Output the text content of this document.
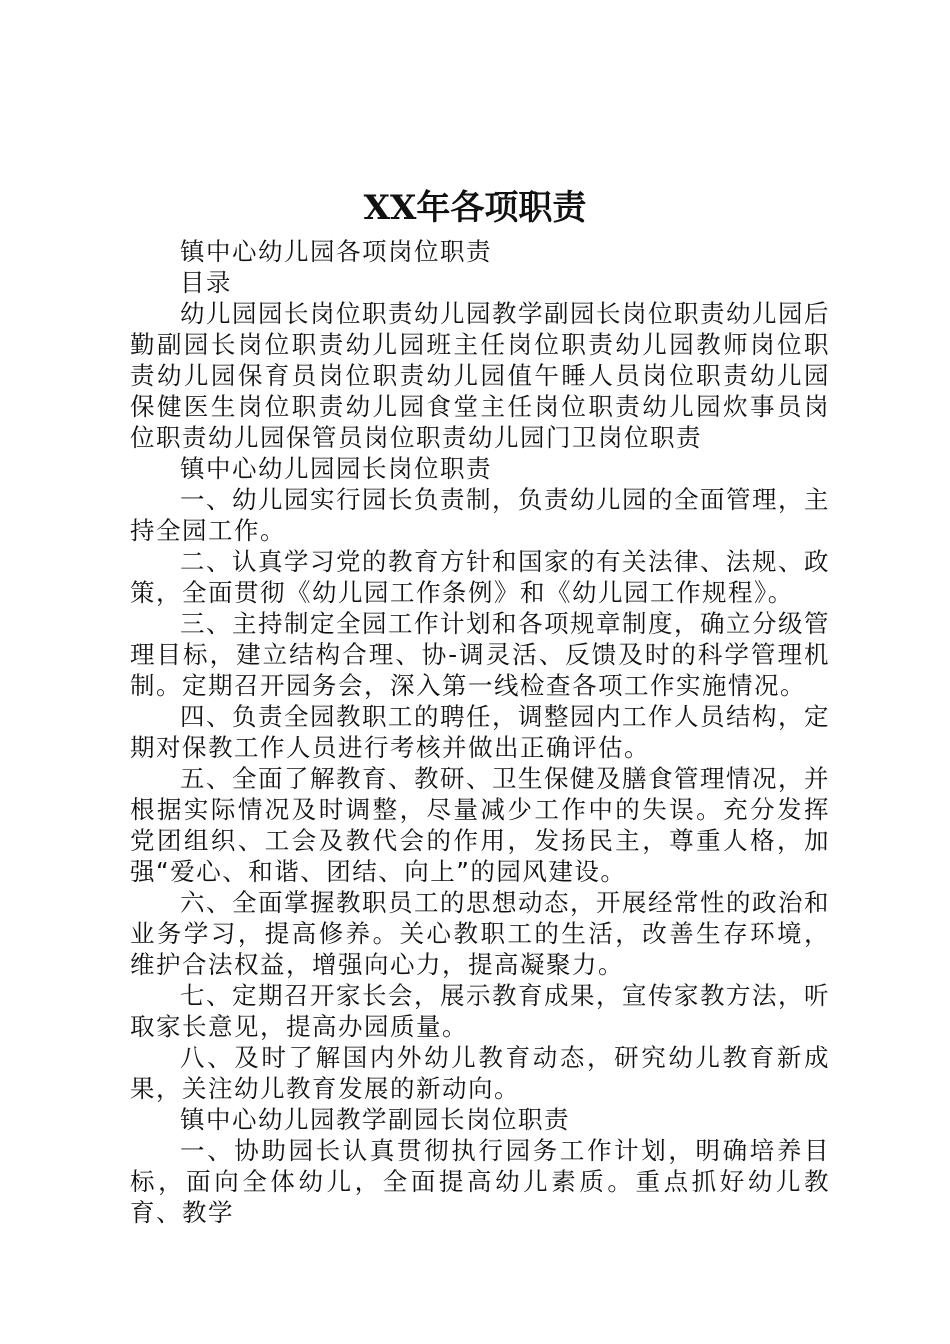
XX年各项职责

镇中心幼儿园各项岗位职责

目录

幼儿园园长岗位职责幼儿园教学副园长岗位职责幼儿园后勤副园长岗位职责幼儿园班主任岗位职责幼儿园教师岗位职责幼儿园保育员岗位职责幼儿园值午睡人员岗位职责幼儿园保健医生岗位职责幼儿园食堂主任岗位职责幼儿园炊事员岗位职责幼儿园保管员岗位职责幼儿园门卫岗位职责

镇中心幼儿园园长岗位职责

一、幼儿园实行园长负责制，负责幼儿园的全面管理，主持全园工作。

二、认真学习党的教育方针和国家的有关法律、法规、政策，全面贯彻《幼儿园工作条例》和《幼儿园工作规程》。

三、主持制定全园工作计划和各项规章制度，确立分级管理目标，建立结构合理、协-调灵活、反馈及时的科学管理机制。定期召开园务会，深入第一线检查各项工作实施情况。

四、负责全园教职工的聘任，调整园内工作人员结构，定期对保教工作人员进行考核并做出正确评估。

五、全面了解教育、教研、卫生保健及膳食管理情况，并根据实际情况及时调整，尽量减少工作中的失误。充分发挥党团组织、工会及教代会的作用，发扬民主，尊重人格，加强“爱心、和谐、团结、向上”的园风建设。

六、全面掌握教职员工的思想动态，开展经常性的政治和业务学习，提高修养。关心教职工的生活，改善生存环境，维护合法权益，增强向心力，提高凝聚力。

七、定期召开家长会，展示教育成果，宣传家教方法，听取家长意见，提高办园质量。

八、及时了解国内外幼儿教育动态，研究幼儿教育新成果，关注幼儿教育发展的新动向。

镇中心幼儿园教学副园长岗位职责

一、协助园长认真贯彻执行园务工作计划，明确培养目标，面向全体幼儿，全面提高幼儿素质。重点抓好幼儿教育、教学
